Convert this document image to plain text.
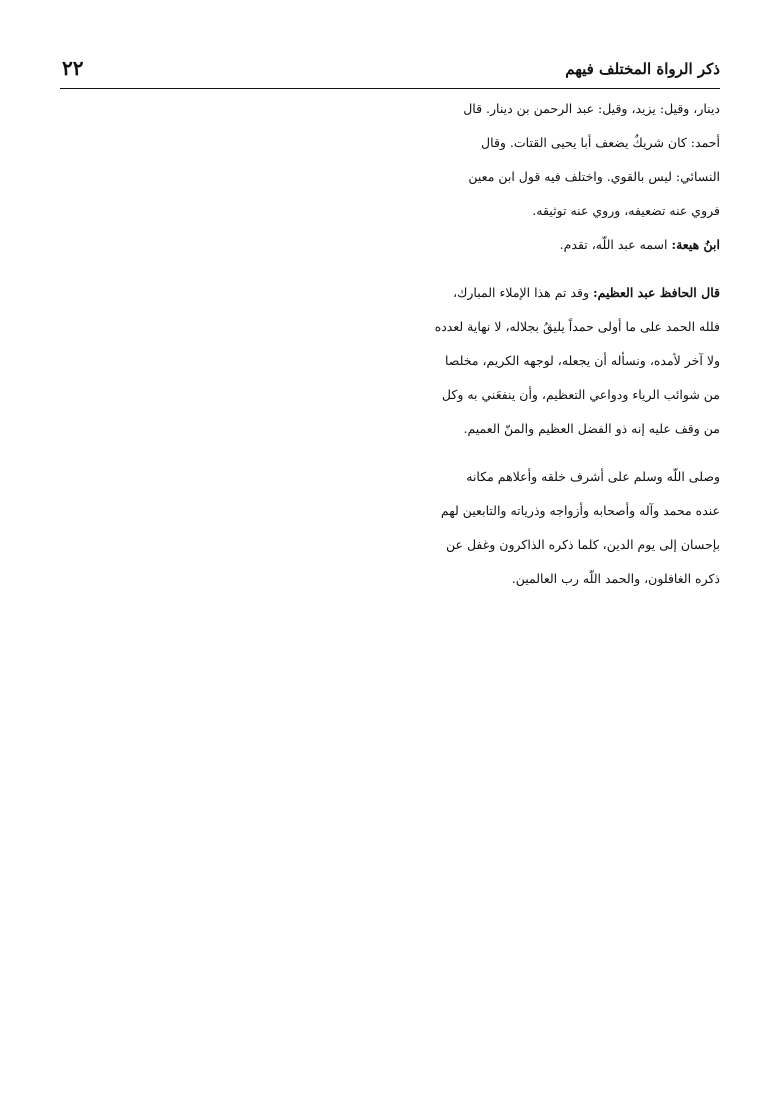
ذكر الرواة المختلف فيهم
٢٢

دينار، وقيل: يزيد، وقيل: عبد الرحمن بن دينار. قال
أحمد: كان شريكٌ يضعف أبا يحيى القتات. وقال
النسائي: ليس بالقوي. واختلف فيه قول ابن معين
فروي عنه تضعيفه، وروي عنه توثيقه.

ابنُ هيعة: اسمه عبد اللّه، تقدم.

قال الحافظ عبد العظيم: وقد تم هذا الإملاء المبارك،
فلله الحمد على ما أولى حمداً يليقُ بجلاله، لا نهاية لعدده
ولا آخر لأمده، ونسأله أن يجعله، لوجهه الكريم، مخلصا
من شوائب الرياء ودواعي التعظيم، وأن ينفعَني به وكل
من وقف عليه إنه ذو الفضل العظيم والمنّ العميم.

وصلى اللّه وسلم على أشرف خلقه وأعلاهم مكانه
عنده محمد وآله وأصحابه وأزواجه وذرياته والتابعين لهم
بإحسان إلى يوم الدين، كلما ذكره الذاكرون وغفل عن
ذكره الغافلون، والحمد اللّه رب العالمين.
